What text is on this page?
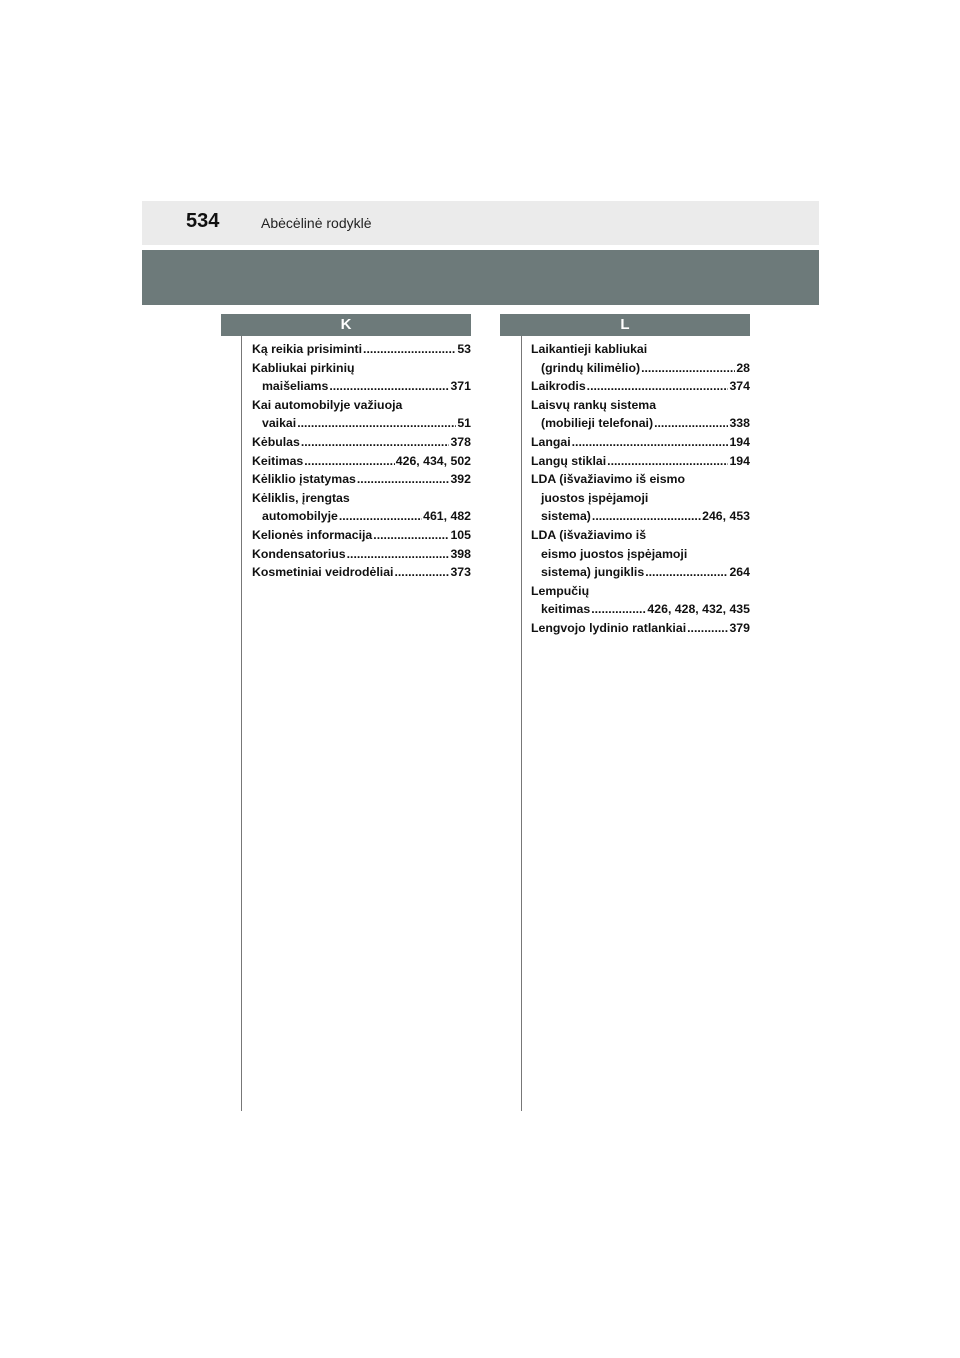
534	Abėcėlinė rodyklė
K	L
Ką reikia prisiminti .....	53
Kabliukai pirkinių
maišeliams .....	371
Kai automobilyje važiuoja
vaikai .....	51
Kėbulas .....	378
Keitimas .....	426, 434, 502
Kėliklio įstatymas .....	392
Kėliklis, įrengtas
automobilyje .....	461, 482
Kelionės informacija .....	105
Kondensatorius .....	398
Kosmetiniai veidrodėliai .....	373
Laikantieji kabliukai
(grindų kilimėlio) .....	28
Laikrodis .....	374
Laisvų rankų sistema
(mobilieji telefonai) .....	338
Langai .....	194
Langų stiklai .....	194
LDA (išvažiavimo iš eismo
juostos įspėjamoji
sistema) .....	246, 453
LDA (išvažiavimo iš
eismo juostos įspėjamoji
sistema) jungiklis .....	264
Lempučių
keitimas .....	426, 428, 432, 435
Lengvojo lydinio ratlankiai .....	379
